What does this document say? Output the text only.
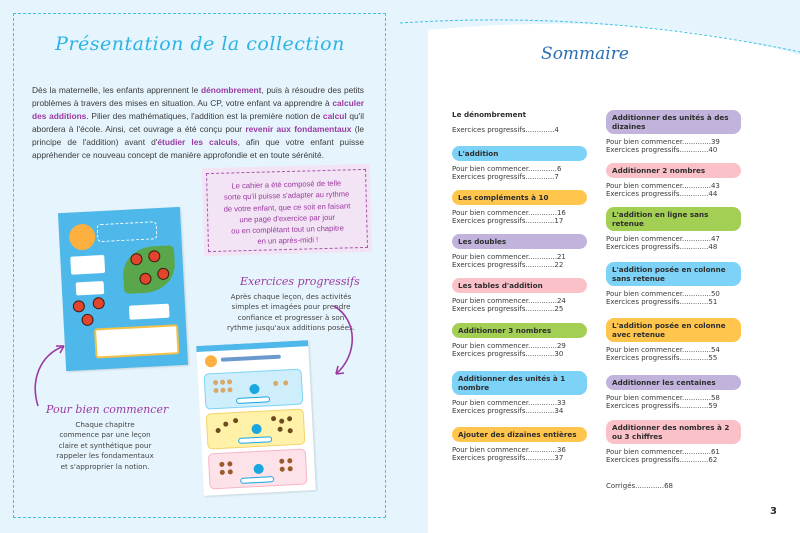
Présentation de la collection

Dès la maternelle, les enfants apprennent le dénombrement, puis à résoudre des petits problèmes à travers des mises en situation. Au CP, votre enfant va apprendre à calculer des additions. Pilier des mathématiques, l'addition est la première notion de calcul qu'il abordera à l'école. Ainsi, cet ouvrage a été conçu pour revenir aux fondamentaux (le principe de l'addition) avant d'étudier les calculs, afin que votre enfant puisse appréhender ce nouveau concept de manière approfondie et en toute sérénité.

Le cahier a été composé de telle
sorte qu'il puisse s'adapter au rythme
de votre enfant, que ce soit en faisant
une page d'exercice par jour
ou en complétant tout un chapitre
en un après-midi !
Pour bien commencer
Chaque chapitre
commence par une leçon
claire et synthétique pour
rappeler les fondamentaux
et s'approprier la notion.
Exercices progressifs
Après chaque leçon, des activités
simples et imagées pour prendre
confiance et progresser à son
rythme jusqu'aux additions posées.
Sommaire
Le dénombrement
Exercices progressifs.............4
L'addition
Pour bien commencer.............6
Exercices progressifs.............7
Les compléments à 10
Pour bien commencer.............16
Exercices progressifs.............17
Les doubles
Pour bien commencer.............21
Exercices progressifs.............22
Les tables d'addition
Pour bien commencer.............24
Exercices progressifs.............25
Additionner 3 nombres
Pour bien commencer.............29
Exercices progressifs.............30
Additionner des unités à 1 nombre
Pour bien commencer.............33
Exercices progressifs.............34
Ajouter des dizaines entières
Pour bien commencer.............36
Exercices progressifs.............37
Additionner des unités à des dizaines
Pour bien commencer.............39
Exercices progressifs.............40
Additionner 2 nombres
Pour bien commencer.............43
Exercices progressifs.............44
L'addition en ligne sans retenue
Pour bien commencer.............47
Exercices progressifs.............48
L'addition posée en colonne sans retenue
Pour bien commencer.............50
Exercices progressifs.............51
L'addition posée en colonne avec retenue
Pour bien commencer.............54
Exercices progressifs.............55
Additionner les centaines
Pour bien commencer.............58
Exercices progressifs.............59
Additionner des nombres à 2 ou 3 chiffres
Pour bien commencer.............61
Exercices progressifs.............62
Corrigés.............68
3
